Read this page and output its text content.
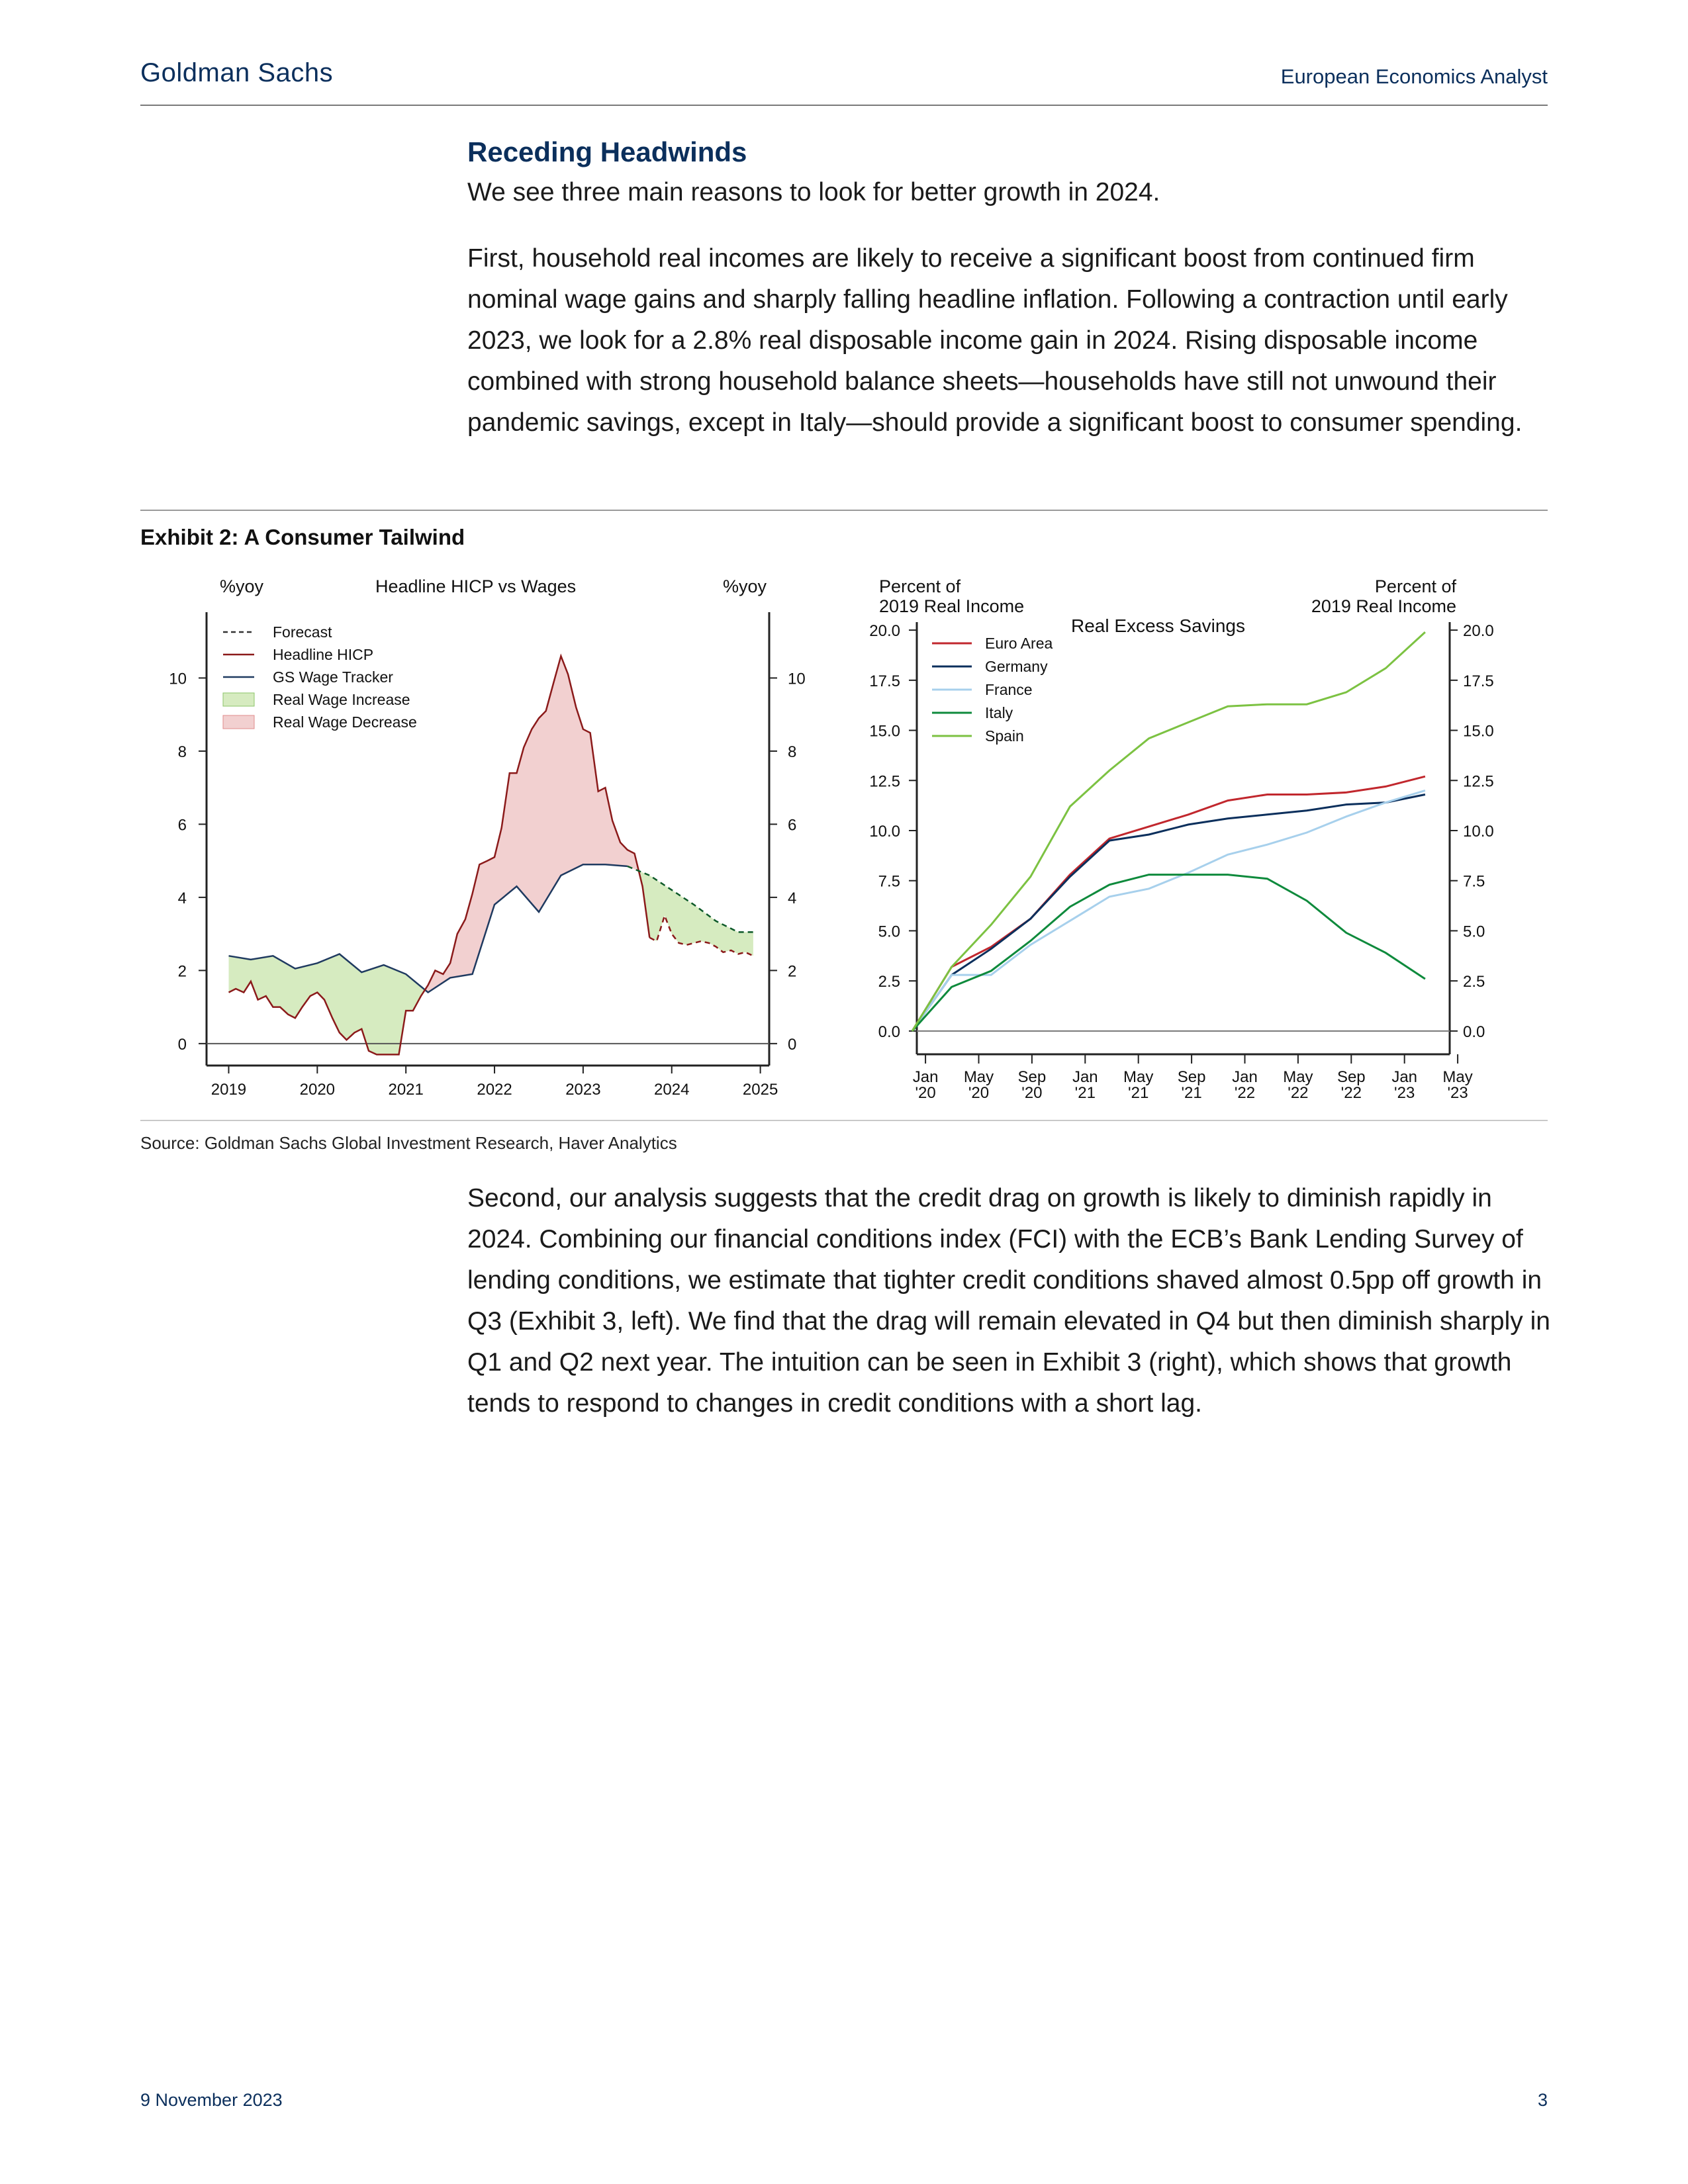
Goldman Sachs	European Economics Analyst
Receding Headwinds
We see three main reasons to look for better growth in 2024.
First, household real incomes are likely to receive a significant boost from continued firm nominal wage gains and sharply falling headline inflation. Following a contraction until early 2023, we look for a 2.8% real disposable income gain in 2024. Rising disposable income combined with strong household balance sheets—households have still not unwound their pandemic savings, except in Italy—should provide a significant boost to consumer spending.
Exhibit 2: A Consumer Tailwind
0	0
2	2
4	4
6	6
8	8
10	10
2019	2020	2021	2022	2023	2024	2025
Forecast
Headline HICP
GS Wage Tracker
Real Wage Increase
Real Wage Decrease
%yoy	Headline HICP vs Wages	%yoy
0.0	0.0
2.5	2.5
5.0	5.0
7.5	7.5
10.0	10.0
12.5	12.5
15.0	15.0
17.5	17.5
20.0	20.0
Jan
'20
May
'20
Sep
'20
Jan
'21
May
'21
Sep
'21
Jan
'22
May
'22
Sep
'22
Jan
'23
May
'23
Euro Area
Germany
France
Italy
Spain
Percent of 2019 Real Income
Real Excess Savings
Percent of 2019 Real Income
Source: Goldman Sachs Global Investment Research, Haver Analytics
Second, our analysis suggests that the credit drag on growth is likely to diminish rapidly in 2024. Combining our financial conditions index (FCI) with the ECB’s Bank Lending Survey of lending conditions, we estimate that tighter credit conditions shaved almost 0.5pp off growth in Q3 (Exhibit 3, left). We find that the drag will remain elevated in Q4 but then diminish sharply in Q1 and Q2 next year. The intuition can be seen in Exhibit 3 (right), which shows that growth tends to respond to changes in credit conditions with a short lag.
9 November 2023	3
